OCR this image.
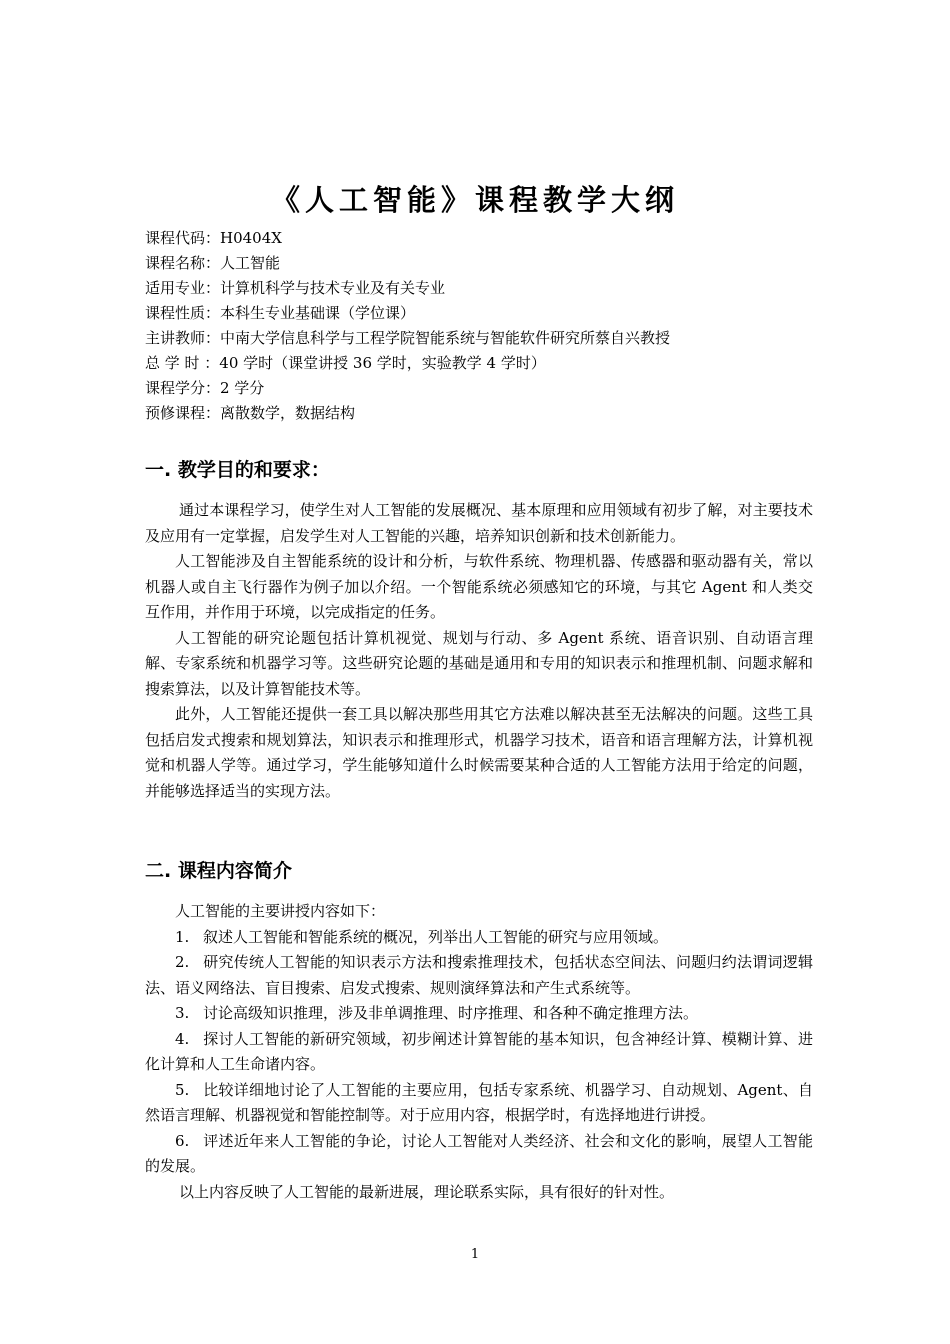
《人工智能》课程教学大纲
课程代码：H0404X
课程名称：人工智能
适用专业：计算机科学与技术专业及有关专业
课程性质：本科生专业基础课（学位课）
主讲教师：中南大学信息科学与工程学院智能系统与智能软件研究所蔡自兴教授
总 学 时 ：40 学时（课堂讲授 36 学时，实验教学 4 学时）
课程学分：2 学分
预修课程：离散数学，数据结构
一. 教学目的和要求：

通过本课程学习，使学生对人工智能的发展概况、基本原理和应用领域有初步了解，对主要技术及应用有一定掌握，启发学生对人工智能的兴趣，培养知识创新和技术创新能力。

人工智能涉及自主智能系统的设计和分析，与软件系统、物理机器、传感器和驱动器有关，常以机器人或自主飞行器作为例子加以介绍。一个智能系统必须感知它的环境，与其它 Agent 和人类交互作用，并作用于环境，以完成指定的任务。

人工智能的研究论题包括计算机视觉、规划与行动、多 Agent 系统、语音识别、自动语言理解、专家系统和机器学习等。这些研究论题的基础是通用和专用的知识表示和推理机制、问题求解和搜索算法，以及计算智能技术等。

此外，人工智能还提供一套工具以解决那些用其它方法难以解决甚至无法解决的问题。这些工具包括启发式搜索和规划算法，知识表示和推理形式，机器学习技术，语音和语言理解方法，计算机视觉和机器人学等。通过学习，学生能够知道什么时候需要某种合适的人工智能方法用于给定的问题，并能够选择适当的实现方法。

二. 课程内容简介

人工智能的主要讲授内容如下：

1. 叙述人工智能和智能系统的概况，列举出人工智能的研究与应用领域。

2. 研究传统人工智能的知识表示方法和搜索推理技术，包括状态空间法、问题归约法谓词逻辑法、语义网络法、盲目搜索、启发式搜索、规则演绎算法和产生式系统等。

3. 讨论高级知识推理，涉及非单调推理、时序推理、和各种不确定推理方法。

4. 探讨人工智能的新研究领域，初步阐述计算智能的基本知识，包含神经计算、模糊计算、进化计算和人工生命诸内容。

5. 比较详细地讨论了人工智能的主要应用，包括专家系统、机器学习、自动规划、Agent、自然语言理解、机器视觉和智能控制等。对于应用内容，根据学时，有选择地进行讲授。

6. 评述近年来人工智能的争论，讨论人工智能对人类经济、社会和文化的影响，展望人工智能的发展。

以上内容反映了人工智能的最新进展，理论联系实际，具有很好的针对性。

1
